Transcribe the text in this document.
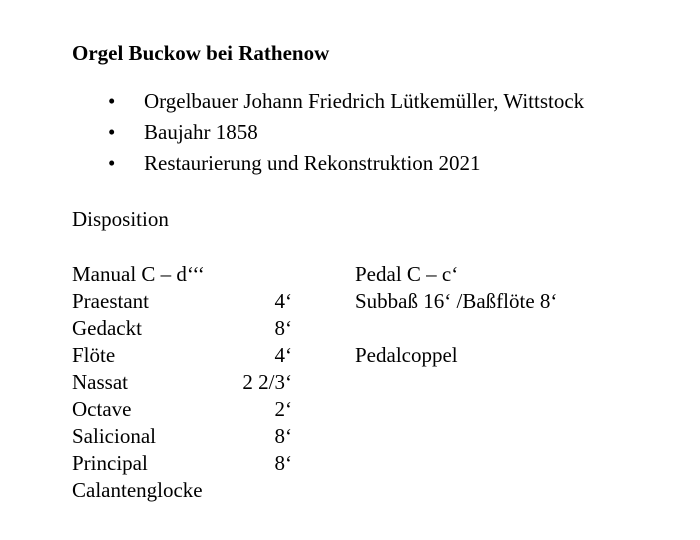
Orgel Buckow bei Rathenow
• Orgelbauer Johann Friedrich Lütkemüller, Wittstock
• Baujahr 1858
• Restaurierung und Rekonstruktion 2021
Disposition
Manual C – d‘‘‘
Praestant	4‘
Gedackt	8‘
Flöte	4‘
Nassat	2 2/3‘
Octave	2‘
Salicional	8‘
Principal	8‘
Calantenglocke
Pedal C – c‘
Subbaß 16‘ /Baßflöte 8‘
Pedalcoppel
